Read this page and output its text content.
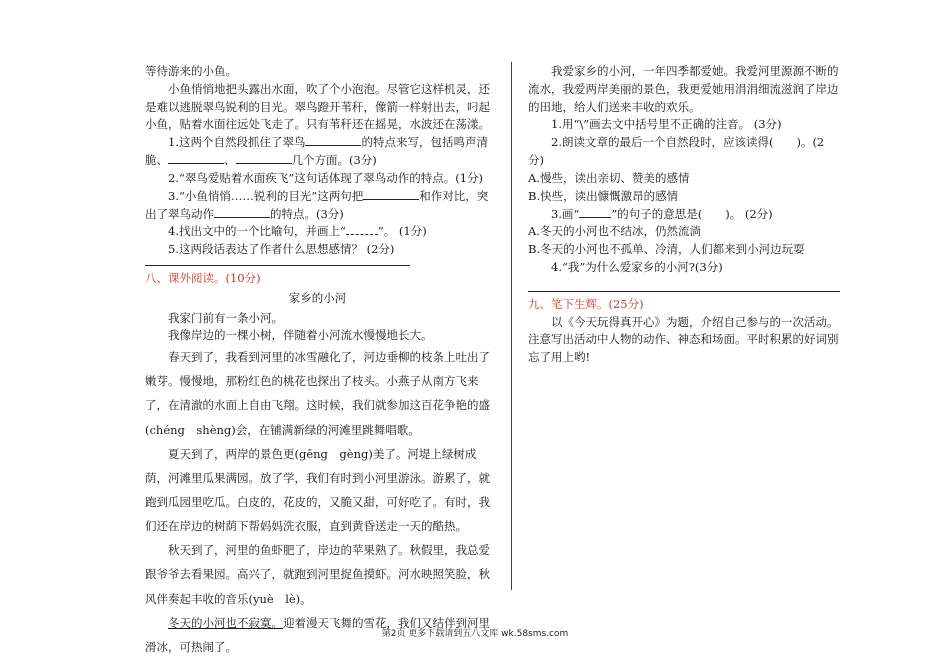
等待游来的小鱼。

小鱼悄悄地把头露出水面，吹了个小泡泡。尽管它这样机灵，还是难以逃脱翠鸟锐利的目光。翠鸟蹬开苇秆，像箭一样射出去，叼起小鱼，贴着水面往远处飞走了。只有苇秆还在摇晃，水波还在荡漾。

1.这两个自然段抓住了翠鸟	的特点来写，包括鸣声清脆、	、	几个方面。(3分)

2.“翠鸟爱贴着水面疾飞”这句话体现了翠鸟动作的特点。(1分)

3.“小鱼悄悄……锐利的目光”这两句把	和作对比，突出了翠鸟动作	的特点。(3分)

4.找出文中的一个比喻句，并画上“	”。 (1分)

5.这两段话表达了作者什么思想感情？ (2分)

八、课外阅读。(10分)

家乡的小河

我家门前有一条小河。

我像岸边的一棵小树，伴随着小河流水慢慢地长大。

春天到了，我看到河里的冰雪融化了，河边垂柳的枝条上吐出了嫩芽。慢慢地，那粉红色的桃花也探出了枝头。小燕子从南方飞来了，在清澈的水面上自由飞翔。这时候，我们就参加这百花争艳的盛(chéng　shèng)会，在铺满新绿的河滩里跳舞唱歌。

夏天到了，两岸的景色更(gēng　gèng)美了。河堤上绿树成荫，河滩里瓜果满园。放了学，我们有时到小河里游泳。游累了，就跑到瓜园里吃瓜。白皮的，花皮的，又脆又甜，可好吃了。有时，我们还在岸边的树荫下帮妈妈洗衣服，直到黄昏送走一天的酷热。

秋天到了，河里的鱼虾肥了，岸边的苹果熟了。秋假里，我总爱跟爷爷去看果园。高兴了，就跑到河里捉鱼摸虾。河水映照笑脸，秋风伴奏起丰收的音乐(yuè　lè)。

冬天的小河也不寂寞。迎着漫天飞舞的雪花，我们又结伴到河里滑冰，可热闹了。

我爱家乡的小河，一年四季都爱她。我爱河里源源不断的流水，我爱两岸美丽的景色，我更爱她用涓涓细流滋润了岸边的田地，给人们送来丰收的欢乐。

1.用“\”画去文中括号里不正确的注音。 (3分)

2.朗读文章的最后一个自然段时，应该读得(　　)。(2分)

A.慢些，读出亲切、赞美的感情

B.快些，读出慷慨激昂的感情

3.画“	”的句子的意思是(　　)。 (2分)

A.冬天的小河也不结冰，仍然流淌

B.冬天的小河也不孤单、冷清，人们都来到小河边玩耍

4.“我”为什么爱家乡的小河?(3分)

九、笔下生辉。(25分)

以《今天玩得真开心》为题，介绍自己参与的一次活动。注意写出活动中人物的动作、神态和场面。平时积累的好词别忘了用上哟!

第2页 更多下载请到五八文库 wk.58sms.com
